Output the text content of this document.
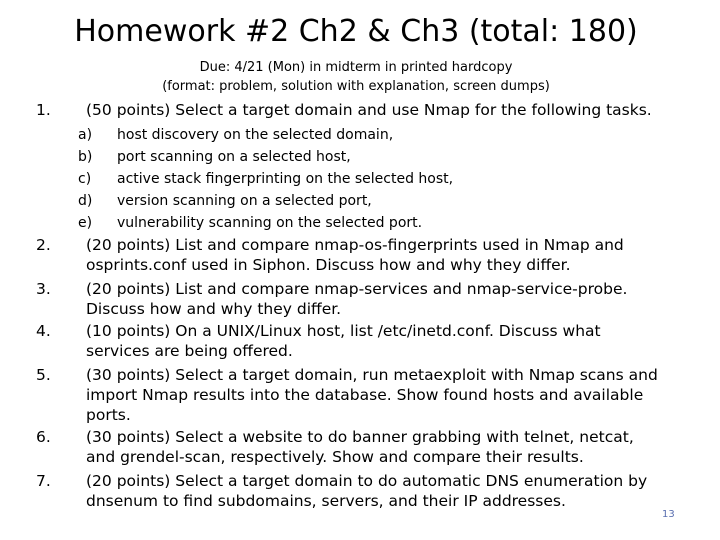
Homework #2 Ch2 & Ch3 (total: 180)
Due: 4/21 (Mon) in midterm in printed hardcopy
(format: problem, solution with explanation, screen dumps)
1. (50 points) Select a target domain and use Nmap for the following tasks.
a) host discovery on the selected domain,
b) port scanning on a selected host,
c) active stack fingerprinting on the selected host,
d) version scanning on a selected port,
e) vulnerability scanning on the selected port.
2. (20 points) List and compare nmap-os-fingerprints used in Nmap and
osprints.conf used in Siphon. Discuss how and why they differ.
3. (20 points) List and compare nmap-services and nmap-service-probe.
Discuss how and why they differ.
4. (10 points) On a UNIX/Linux host, list /etc/inetd.conf. Discuss what
services are being offered.
5. (30 points) Select a target domain, run metaexploit with Nmap scans and
import Nmap results into the database. Show found hosts and available
ports.
6. (30 points) Select a website to do banner grabbing with telnet, netcat,
and grendel-scan, respectively. Show and compare their results.
7. (20 points) Select a target domain to do automatic DNS enumeration by
dnsenum to find subdomains, servers, and their IP addresses.
13
